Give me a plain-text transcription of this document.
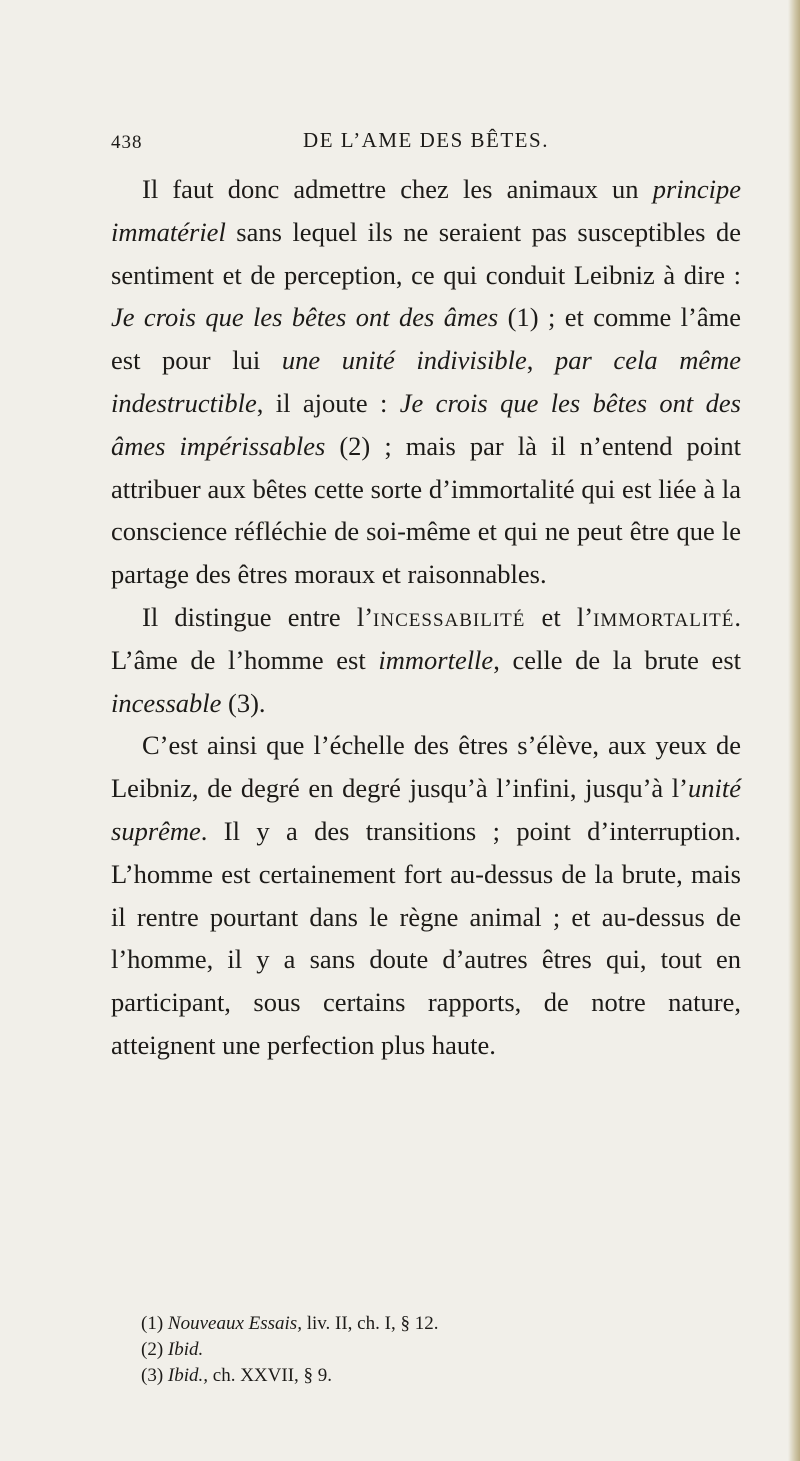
438	DE L’AME DES BÊTES.

Il faut donc admettre chez les animaux un principe immatériel sans lequel ils ne seraient pas susceptibles de sentiment et de perception, ce qui conduit Leibniz à dire : Je crois que les bêtes ont des âmes (1) ; et comme l’âme est pour lui une unité indivisible, par cela même indestructible, il ajoute : Je crois que les bêtes ont des âmes impérissables (2) ; mais par là il n’entend point attribuer aux bêtes cette sorte d’immortalité qui est liée à la conscience réfléchie de soi-même et qui ne peut être que le partage des êtres moraux et raisonnables.

Il distingue entre l’incessabilité et l’immortalité. L’âme de l’homme est immortelle, celle de la brute est incessable (3).

C’est ainsi que l’échelle des êtres s’élève, aux yeux de Leibniz, de degré en degré jusqu’à l’infini, jusqu’à l’unité suprême. Il y a des transitions ; point d’interruption. L’homme est certainement fort au-dessus de la brute, mais il rentre pourtant dans le règne animal ; et au-dessus de l’homme, il y a sans doute d’autres êtres qui, tout en participant, sous certains rapports, de notre nature, atteignent une perfection plus haute.

(1) Nouveaux Essais, liv. II, ch. I, § 12.

(2) Ibid.

(3) Ibid., ch. XXVII, § 9.
